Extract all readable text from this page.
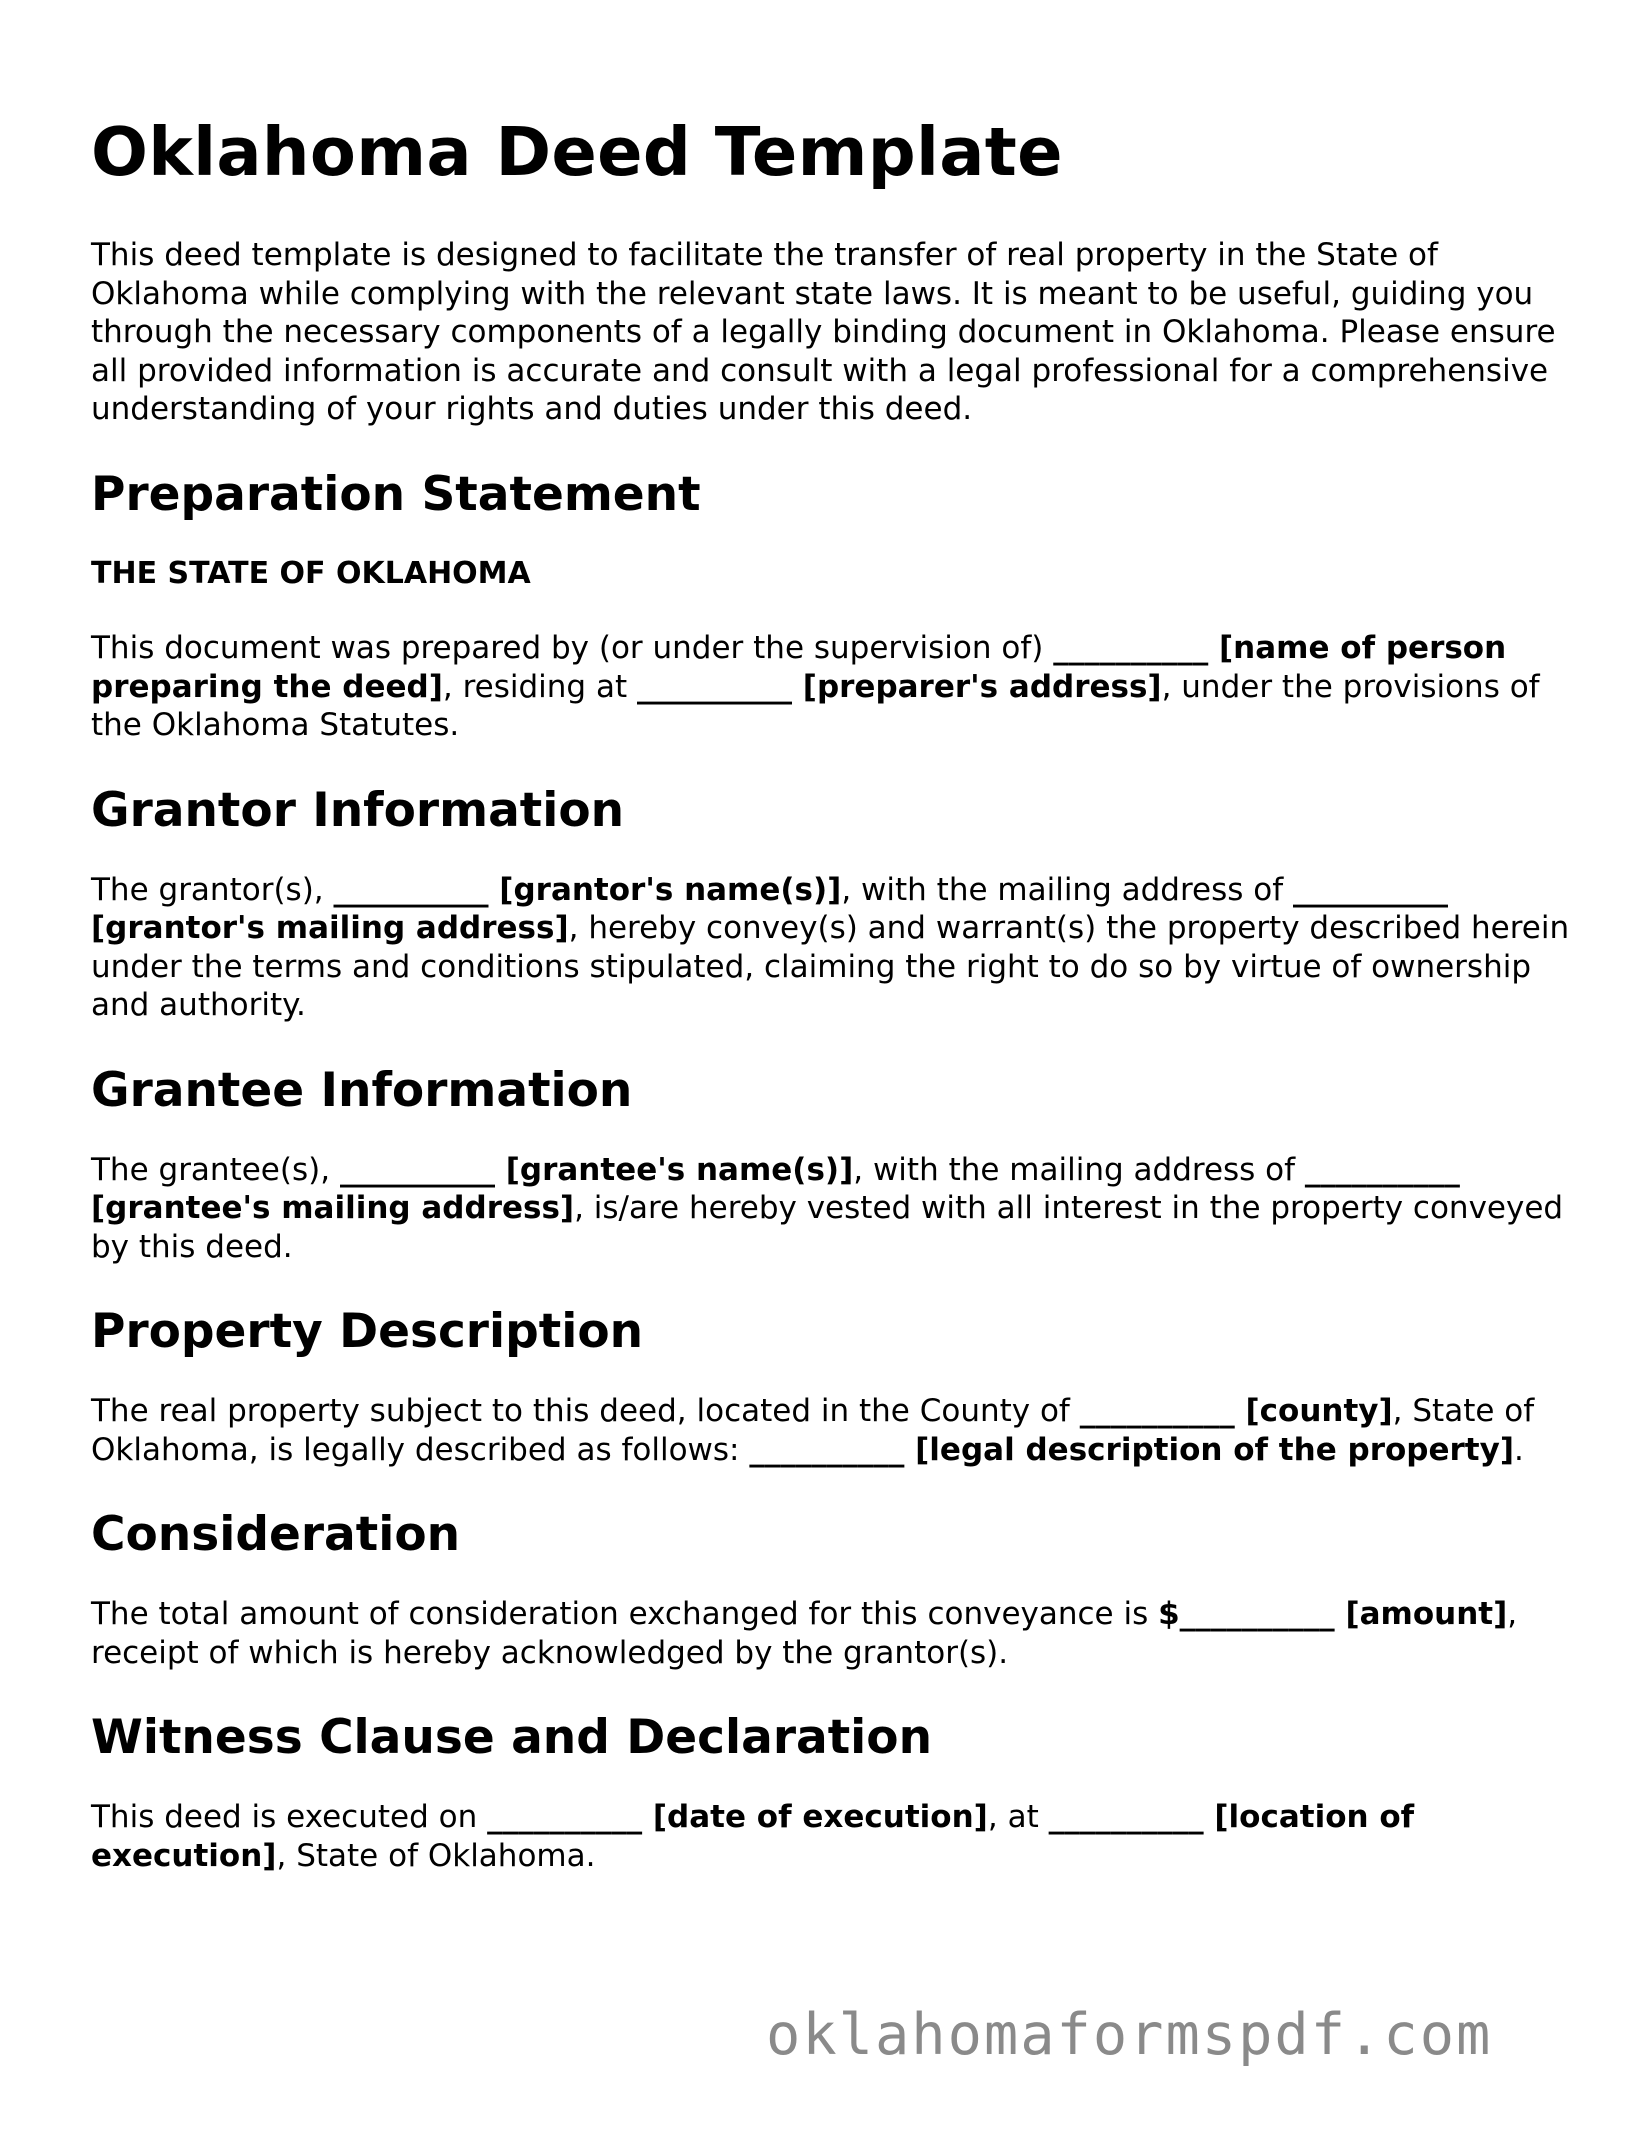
Oklahoma Deed Template

This deed template is designed to facilitate the transfer of real property in the State of Oklahoma while complying with the relevant state laws. It is meant to be useful, guiding you through the necessary components of a legally binding document in Oklahoma. Please ensure all provided information is accurate and consult with a legal professional for a comprehensive understanding of your rights and duties under this deed.

Preparation Statement

THE STATE OF OKLAHOMA

This document was prepared by (or under the supervision of) __________ [name of person preparing the deed], residing at __________ [preparer's address], under the provisions of the Oklahoma Statutes.

Grantor Information

The grantor(s), __________ [grantor's name(s)], with the mailing address of __________ [grantor's mailing address], hereby convey(s) and warrant(s) the property described herein under the terms and conditions stipulated, claiming the right to do so by virtue of ownership and authority.

Grantee Information

The grantee(s), __________ [grantee's name(s)], with the mailing address of __________ [grantee's mailing address], is/are hereby vested with all interest in the property conveyed by this deed.

Property Description

The real property subject to this deed, located in the County of __________ [county], State of Oklahoma, is legally described as follows: __________ [legal description of the property].

Consideration

The total amount of consideration exchanged for this conveyance is $__________ [amount], receipt of which is hereby acknowledged by the grantor(s).

Witness Clause and Declaration

This deed is executed on __________ [date of execution], at __________ [location of execution], State of Oklahoma.

oklahomaformspdf.com
